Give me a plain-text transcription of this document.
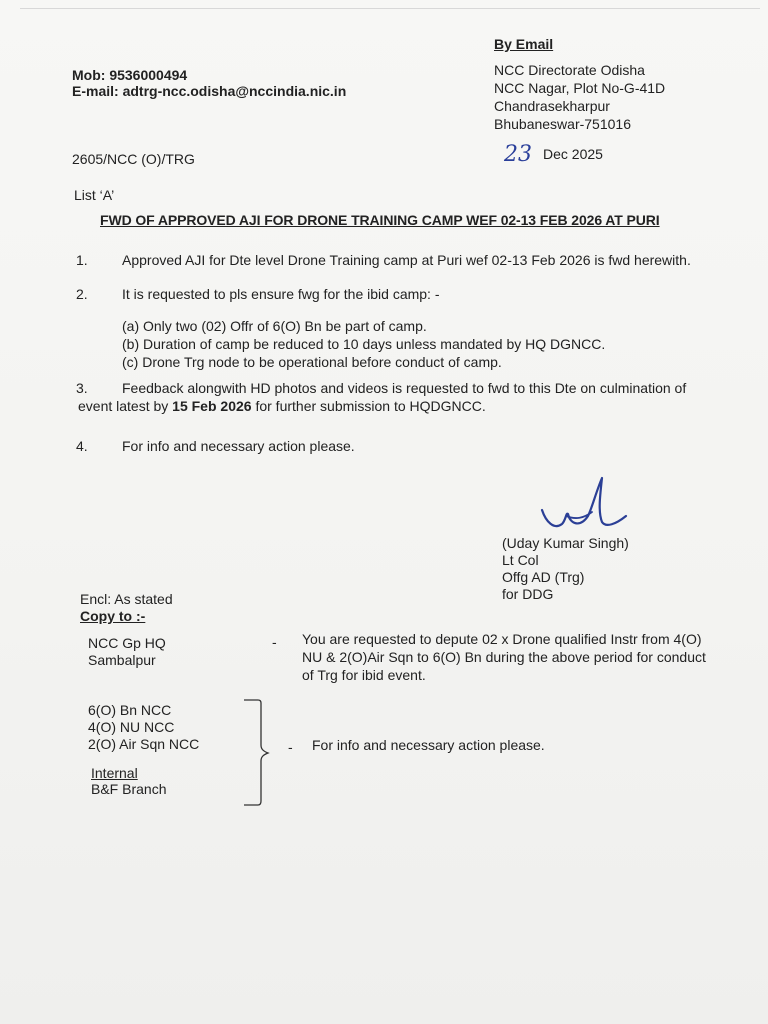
By Email
NCC Directorate Odisha
NCC Nagar, Plot No-G-41D
Chandrasekharpur
Bhubaneswar-751016
Mob: 9536000494
E-mail: adtrg-ncc.odisha@nccindia.nic.in
2605/NCC (O)/TRG	23 Dec 2025
List ‘A’
FWD OF APPROVED AJI FOR DRONE TRAINING CAMP WEF 02-13 FEB 2026 AT PURI
1. Approved AJI for Dte level Drone Training camp at Puri wef 02-13 Feb 2026 is fwd herewith.
2. It is requested to pls ensure fwg for the ibid camp: -
(a) Only two (02) Offr of 6(O) Bn be part of camp.
(b) Duration of camp be reduced to 10 days unless mandated by HQ DGNCC.
(c) Drone Trg node to be operational before conduct of camp.
3. Feedback alongwith HD photos and videos is requested to fwd to this Dte on culmination of
event latest by 15 Feb 2026 for further submission to HQDGNCC.
4. For info and necessary action please.
(Uday Kumar Singh)
Lt Col
Offg AD (Trg)
for DDG
Encl: As stated
Copy to :-
NCC Gp HQ
Sambalpur
- You are requested to depute 02 x Drone qualified Instr from 4(O)
NU & 2(O)Air Sqn to 6(O) Bn during the above period for conduct
of Trg for ibid event.
6(O) Bn NCC
4(O) NU NCC
2(O) Air Sqn NCC
Internal
B&F Branch
- For info and necessary action please.
